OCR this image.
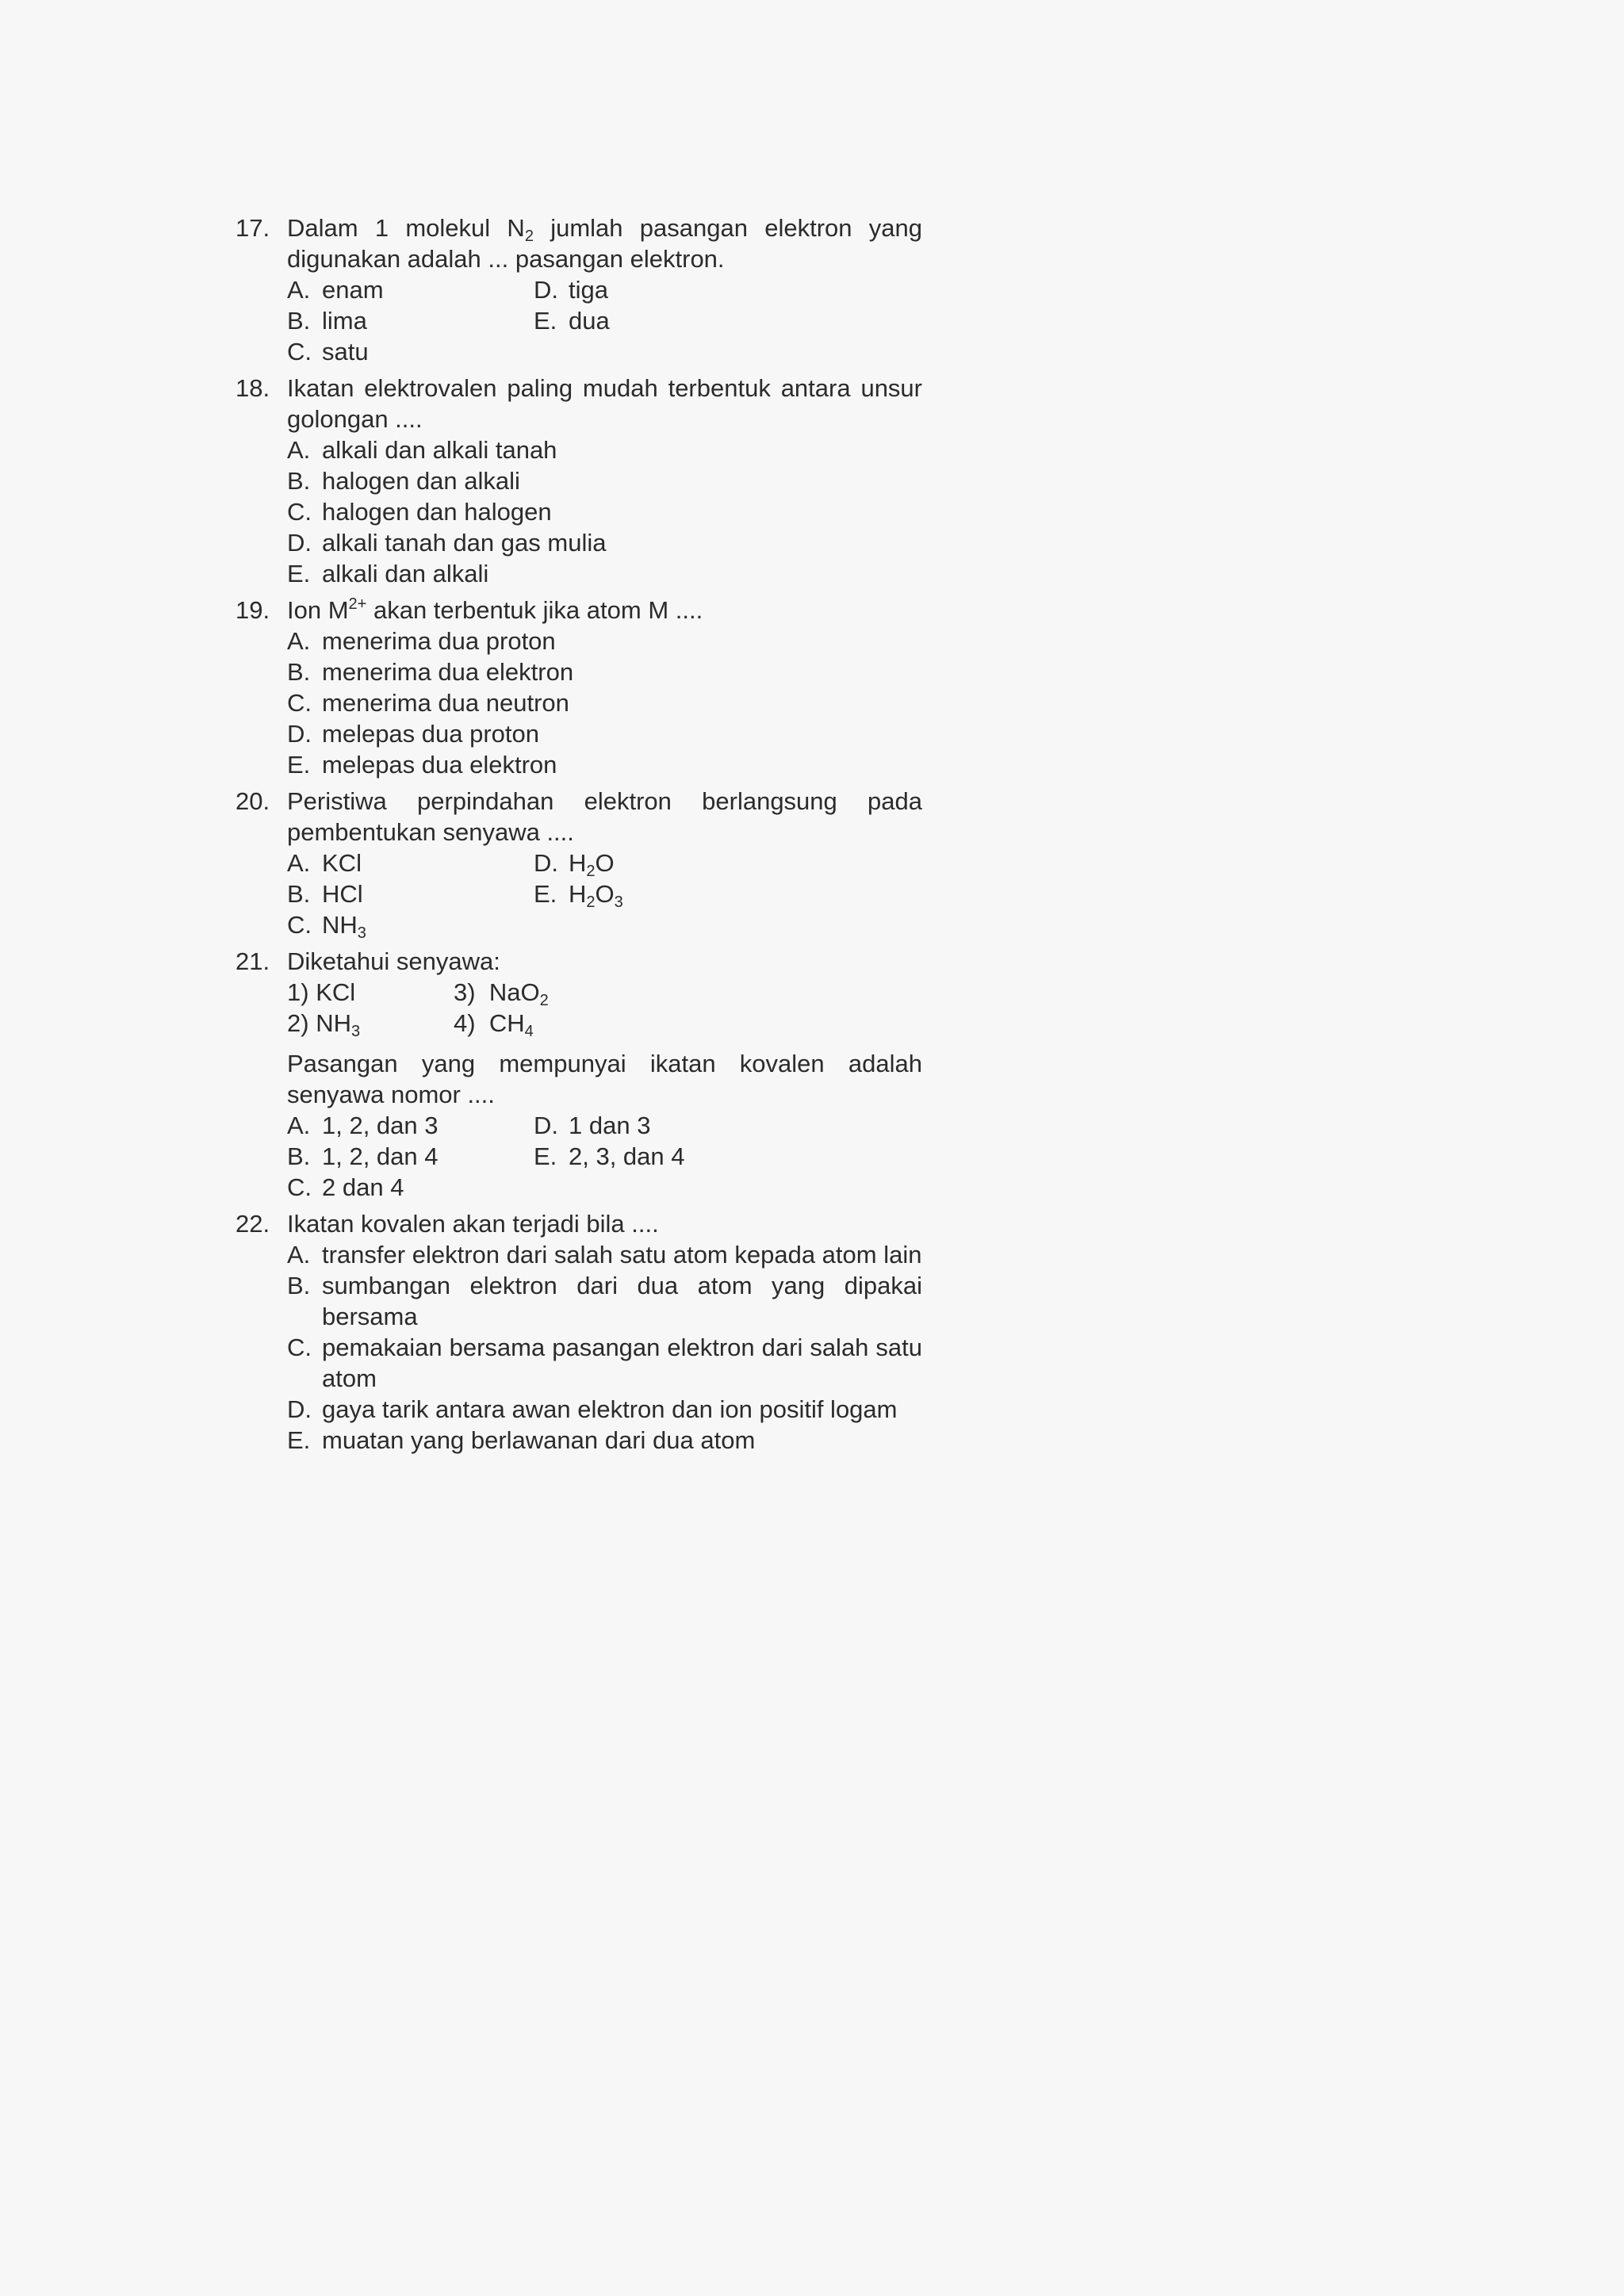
17. Dalam 1 molekul $N_2$ jumlah pasangan elektron yang digunakan adalah ... pasangan elektron.
A. enam	D. tiga
B. lima	E. dua
C. satu
18. Ikatan elektrovalen paling mudah terbentuk antara unsur golongan ....
A. alkali dan alkali tanah
B. halogen dan alkali
C. halogen dan halogen
D. alkali tanah dan gas mulia
E. alkali dan alkali
19. Ion $M^{2+}$ akan terbentuk jika atom M ....
A. menerima dua proton
B. menerima dua elektron
C. menerima dua neutron
D. melepas dua proton
E. melepas dua elektron
20. Peristiwa perpindahan elektron berlangsung pada pembentukan senyawa ....
A. KCl	D. $H_2O$
B. HCl	E. $H_2O_3$
C. $NH_3$
21. Diketahui senyawa:
1) KCl	3) NaO$_2$
2) $NH_3$	4) $CH_4$
Pasangan yang mempunyai ikatan kovalen adalah senyawa nomor ....
A. 1, 2, dan 3	D. 1 dan 3
B. 1, 2, dan 4	E. 2, 3, dan 4
C. 2 dan 4
22. Ikatan kovalen akan terjadi bila ....
A. transfer elektron dari salah satu atom kepada atom lain
B. sumbangan elektron dari dua atom yang dipakai bersama
C. pemakaian bersama pasangan elektron dari salah satu atom
D. gaya tarik antara awan elektron dan ion positif logam
E. muatan yang berlawanan dari dua atom
